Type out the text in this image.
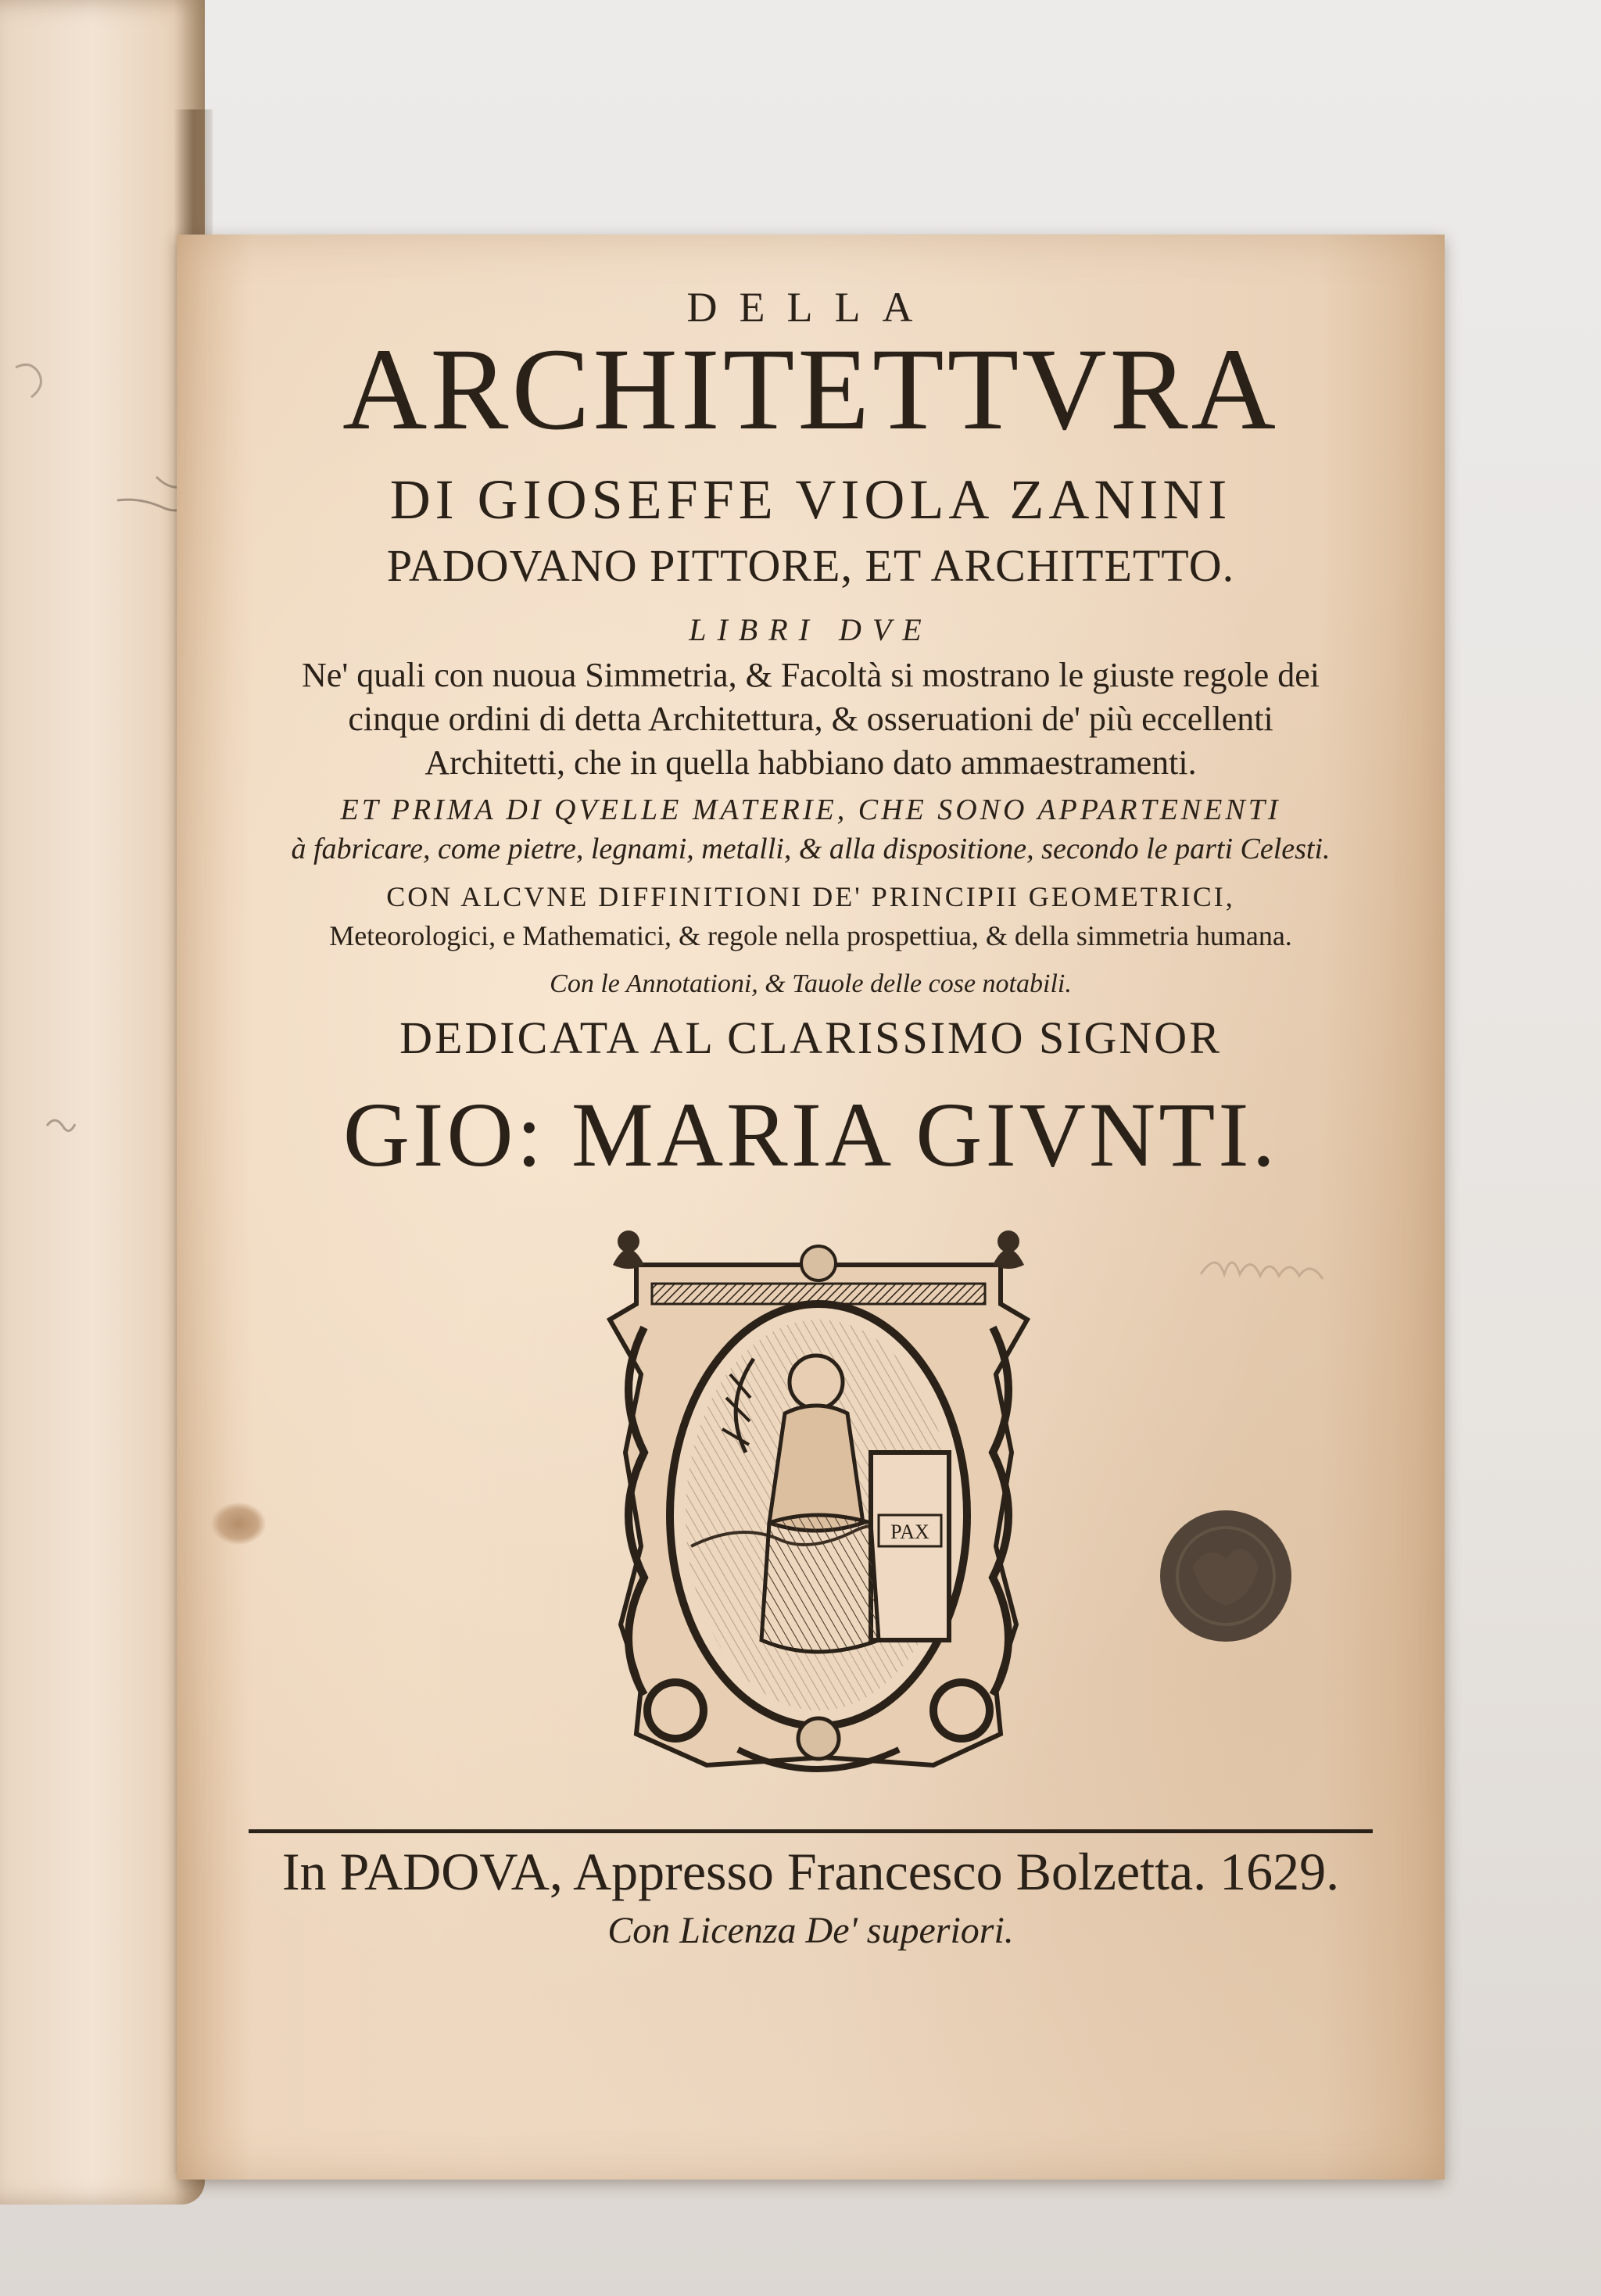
DELLA
ARCHITETTVRA
DI GIOSEFFE VIOLA ZANINI
PADOVANO PITTORE, ET ARCHITETTO.
LIBRI DVE
Ne' quali con nuoua Simmetria, & Facoltà si mostrano le giuste regole dei
cinque ordini di detta Architettura, & osseruationi de' più eccellenti
Architetti, che in quella habbiano dato ammaestramenti.
ET PRIMA DI QVELLE MATERIE, CHE SONO APPARTENENTI
à fabricare, come pietre, legnami, metalli, & alla dispositione, secondo le parti Celesti.
CON ALCVNE DIFFINITIONI DE' PRINCIPII GEOMETRICI,
Meteorologici, e Mathematici, & regole nella prospettiua, & della simmetria humana.
Con le Annotationi, & Tauole delle cose notabili.
DEDICATA AL CLARISSIMO SIGNOR
GIO: MARIA GIVNTI.
PAX
In PADOVA, Appresso Francesco Bolzetta. 1629.
Con Licenza De' superiori.
